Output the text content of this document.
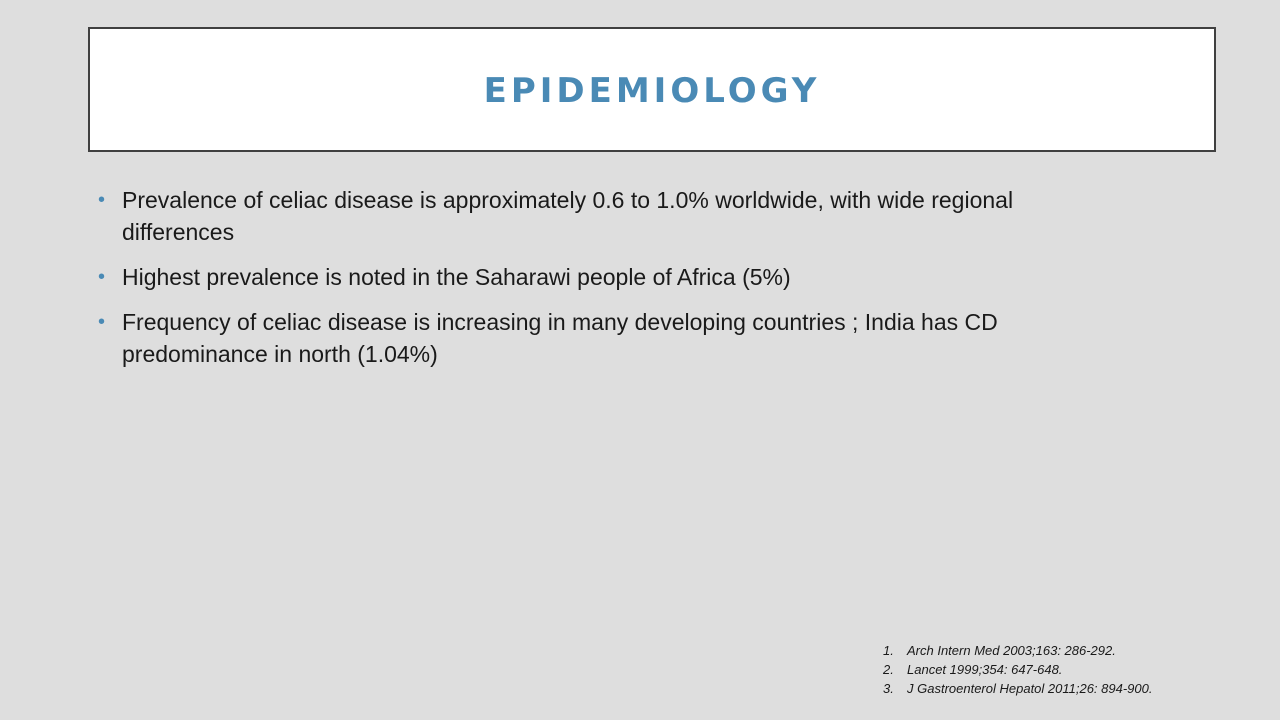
EPIDEMIOLOGY
• Prevalence of celiac disease is approximately 0.6 to 1.0% worldwide, with wide regional differences
• Highest prevalence is noted in the Saharawi people of Africa (5%)
• Frequency of celiac disease is increasing in many developing countries ; India has CD predominance in north (1.04%)
1. Arch Intern Med 2003;163: 286-292.
2. Lancet 1999;354: 647-648.
3. J Gastroenterol Hepatol 2011;26: 894-900.
